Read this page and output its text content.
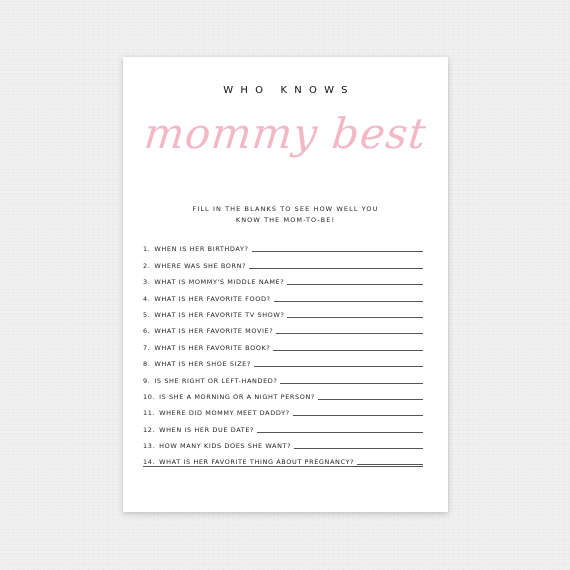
WHO KNOWS
mommy best
FILL IN THE BLANKS TO SEE HOW WELL YOU
KNOW THE MOM-TO-BE!
1. WHEN IS HER BIRTHDAY?
2. WHERE WAS SHE BORN?
3. WHAT IS MOMMY'S MIDDLE NAME?
4. WHAT IS HER FAVORITE FOOD?
5. WHAT IS HER FAVORITE TV SHOW?
6. WHAT IS HER FAVORITE MOVIE?
7. WHAT IS HER FAVORITE BOOK?
8. WHAT IS HER SHOE SIZE?
9. IS SHE RIGHT OR LEFT-HANDED?
10. IS SHE A MORNING OR A NIGHT PERSON?
11. WHERE DID MOMMY MEET DADDY?
12. WHEN IS HER DUE DATE?
13. HOW MANY KIDS DOES SHE WANT?
14. WHAT IS HER FAVORITE THING ABOUT PREGNANCY?
